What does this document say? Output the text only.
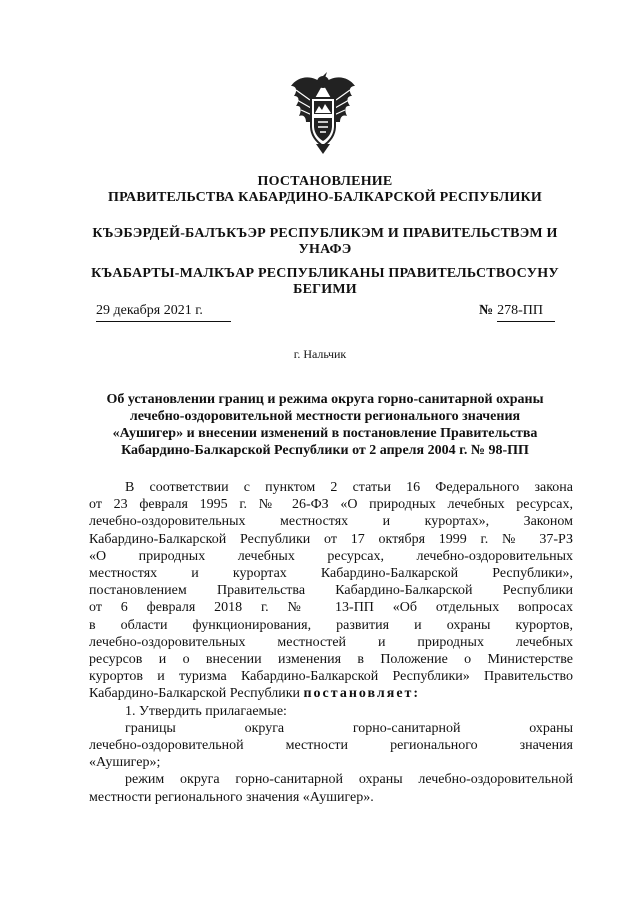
ПОСТАНОВЛЕНИЕ
ПРАВИТЕЛЬСТВА КАБАРДИНО-БАЛКАРСКОЙ РЕСПУБЛИКИ
КЪЭБЭРДЕЙ-БАЛЪКЪЭР РЕСПУБЛИКЭМ И ПРАВИТЕЛЬСТВЭМ И
УНАФЭ
КЪАБАРТЫ-МАЛКЪАР РЕСПУБЛИКАНЫ ПРАВИТЕЛЬСТВОСУНУ
БЕГИМИ
29 декабря 2021 г.	№ 278-ПП
г. Нальчик
Об установлении границ и режима округа горно-санитарной охраны
лечебно-оздоровительной местности регионального значения
«Аушигер» и внесении изменений в постановление Правительства
Кабардино-Балкарской Республики от 2 апреля 2004 г. № 98-ПП
В соответствии с пунктом 2 статьи 16 Федерального закона
от 23 февраля 1995 г. № 26-ФЗ «О природных лечебных ресурсах,
лечебно-оздоровительных местностях и курортах», Законом
Кабардино-Балкарской Республики от 17 октября 1999 г. № 37-РЗ
«О природных лечебных ресурсах, лечебно-оздоровительных
местностях и курортах Кабардино-Балкарской Республики»,
постановлением Правительства Кабардино-Балкарской Республики
от 6 февраля 2018 г. № 13-ПП «Об отдельных вопросах
в области функционирования, развития и охраны курортов,
лечебно-оздоровительных местностей и природных лечебных
ресурсов и о внесении изменения в Положение о Министерстве
курортов и туризма Кабардино-Балкарской Республики» Правительство
Кабардино-Балкарской Республики постановляет:
1. Утвердить прилагаемые:
границы округа горно-санитарной охраны
лечебно-оздоровительной местности регионального значения
«Аушигер»;
режим округа горно-санитарной охраны лечебно-оздоровительной
местности регионального значения «Аушигер».
